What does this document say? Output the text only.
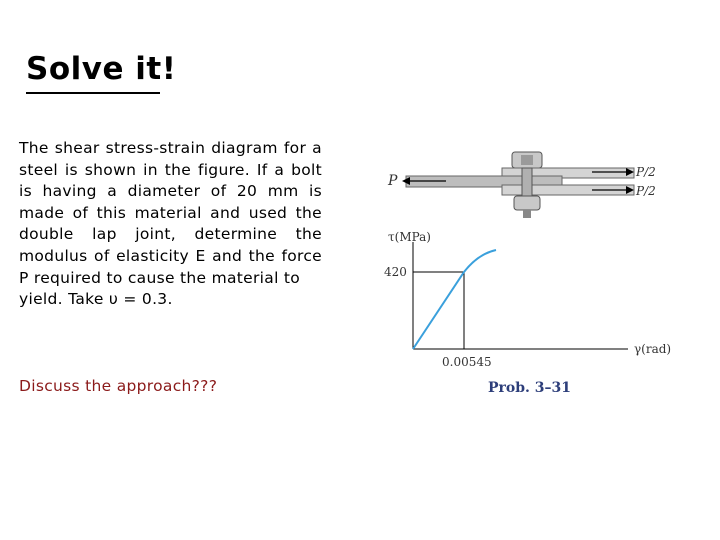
Solve it!
The shear stress-strain diagram for a steel is shown in the figure. If a bolt is having a diameter of 20 mm is made of this material and used the double lap joint, determine the modulus of elasticity E and the force P required to cause the material to
yield. Take υ = 0.3.
Discuss the approach???
P
P/2
P/2
τ(MPa)
γ(rad)
420
0.00545
Prob. 3–31
